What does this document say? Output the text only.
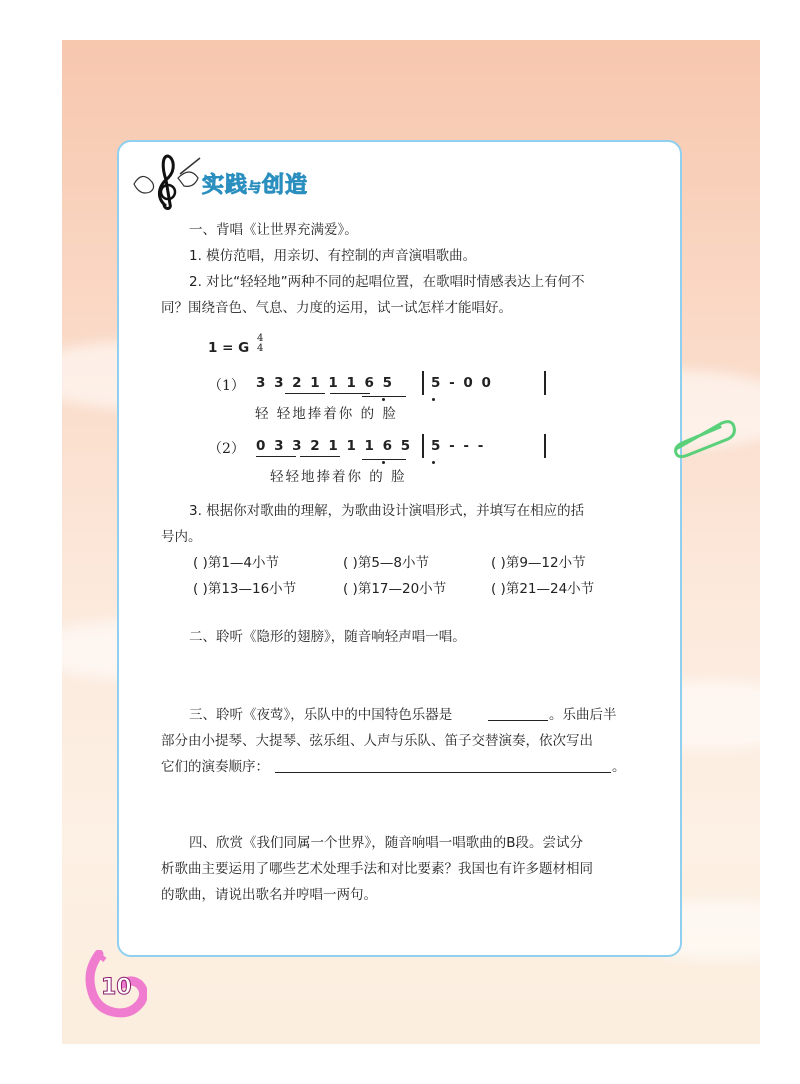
实践与创造
一、背唱《让世界充满爱》。
1. 模仿范唱，用亲切、有控制的声音演唱歌曲。
2. 对比“轻轻地”两种不同的起唱位置，在歌唱时情感表达上有何不
同？围绕音色、气息、力度的运用，试一试怎样才能唱好。
1 = G
4
4
（1） 3 3 2 1 1 1 6 5	5 - 0 0
轻 轻地捧着你 的 脸
（2） 0 3 3 2 1 1 1 6 5 5 - - -
轻轻地捧着你 的 脸
3. 根据你对歌曲的理解，为歌曲设计演唱形式，并填写在相应的括
号内。
( )第1—4小节	( )第5—8小节	( )第9—12小节
( )第13—16小节	( )第17—20小节	( )第21—24小节
二、聆听《隐形的翅膀》，随音响轻声唱一唱。
三、聆听《夜莺》，乐队中的中国特色乐器是	。乐曲后半
部分由小提琴、大提琴、弦乐组、人声与乐队、笛子交替演奏，依次写出
它们的演奏顺序：	。
四、欣赏《我们同属一个世界》，随音响唱一唱歌曲的B段。尝试分
析歌曲主要运用了哪些艺术处理手法和对比要素？我国也有许多题材相同
的歌曲，请说出歌名并哼唱一两句。
10
